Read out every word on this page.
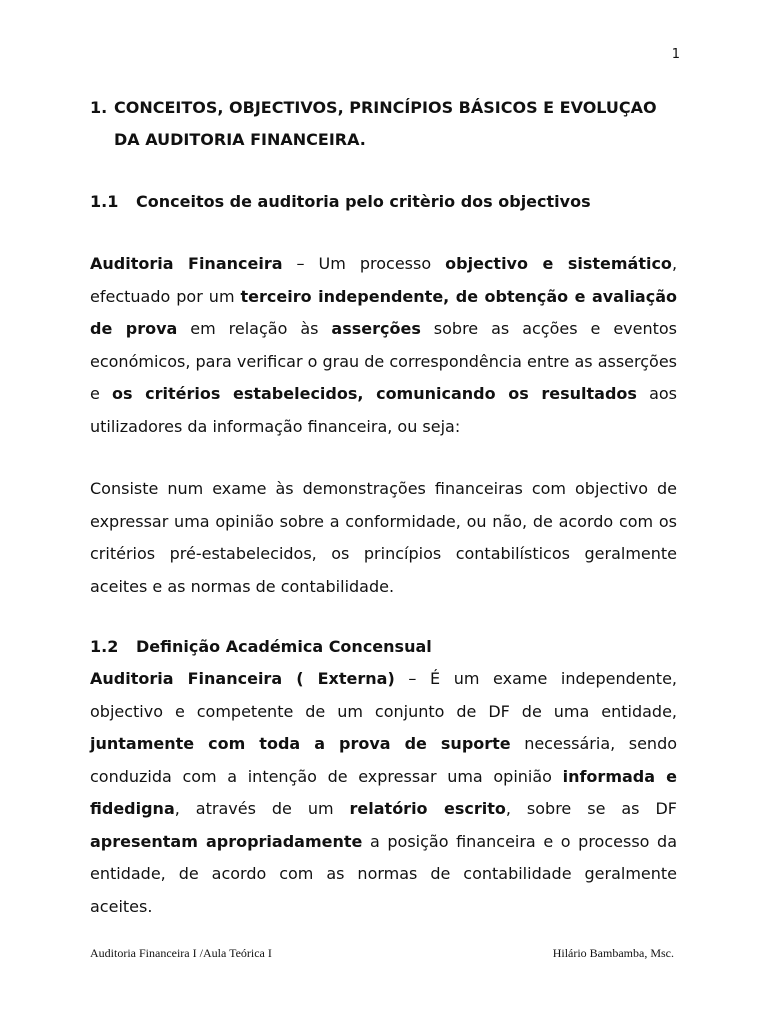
1
1. CONCEITOS, OBJECTIVOS, PRINCÍPIOS BÁSICOS E EVOLUÇAO
DA AUDITORIA FINANCEIRA.
1.1 Conceitos de auditoria pelo critèrio dos objectivos
Auditoria Financeira – Um processo objectivo e sistemático, efectuado por um terceiro independente, de obtenção e avaliação de prova em relação às asserções sobre as acções e eventos económicos, para verificar o grau de correspondência entre as asserções e os critérios estabelecidos, comunicando os resultados aos utilizadores da informação financeira, ou seja:
Consiste num exame às demonstrações financeiras com objectivo de expressar uma opinião sobre a conformidade, ou não, de acordo com os critérios pré-estabelecidos, os princípios contabilísticos geralmente aceites e as normas de contabilidade.
1.2 Definição Académica Concensual
Auditoria Financeira ( Externa) – É um exame independente, objectivo e competente de um conjunto de DF de uma entidade, juntamente com toda a prova de suporte necessária, sendo conduzida com a intenção de expressar uma opinião informada e fidedigna, através de um relatório escrito, sobre se as DF apresentam apropriadamente a posição financeira e o processo da entidade, de acordo com as normas de contabilidade geralmente aceites.
Auditoria Financeira I /Aula Teórica I	Hilário Bambamba, Msc.
